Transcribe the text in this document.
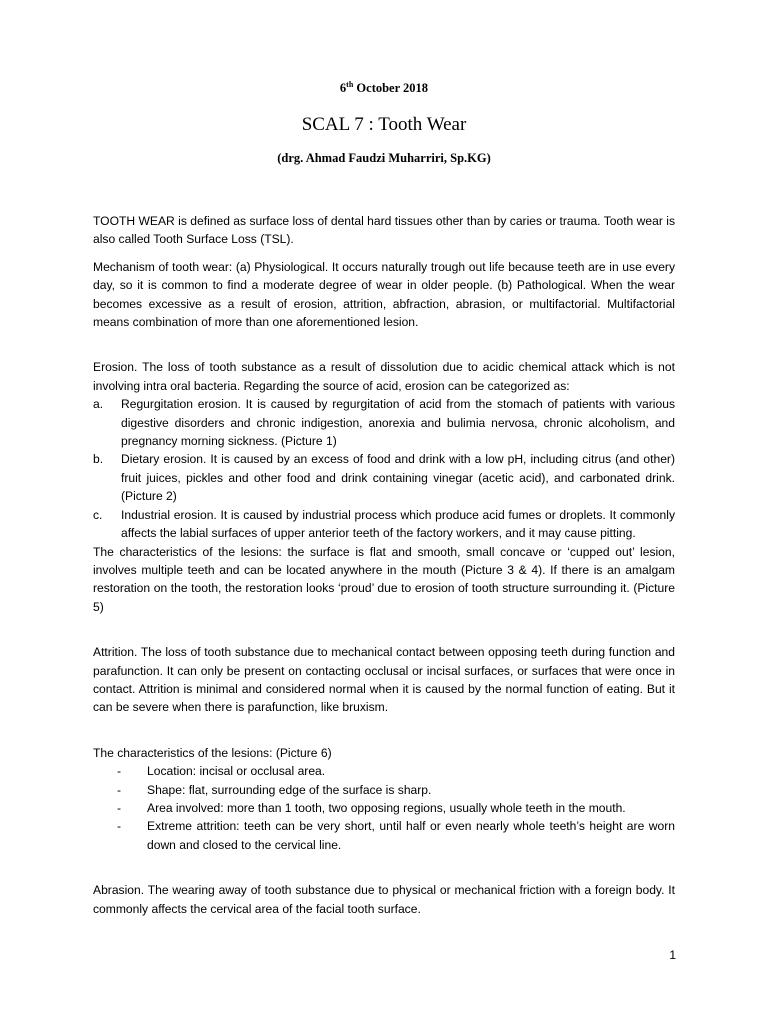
6th October 2018
SCAL 7 : Tooth Wear
(drg. Ahmad Faudzi Muharriri, Sp.KG)

TOOTH WEAR is defined as surface loss of dental hard tissues other than by caries or trauma. Tooth wear is also called Tooth Surface Loss (TSL).

Mechanism of tooth wear: (a) Physiological. It occurs naturally trough out life because teeth are in use every day, so it is common to find a moderate degree of wear in older people. (b) Pathological. When the wear becomes excessive as a result of erosion, attrition, abfraction, abrasion, or multifactorial. Multifactorial means combination of more than one aforementioned lesion.

Erosion. The loss of tooth substance as a result of dissolution due to acidic chemical attack which is not involving intra oral bacteria. Regarding the source of acid, erosion can be categorized as:

a. Regurgitation erosion. It is caused by regurgitation of acid from the stomach of patients with various digestive disorders and chronic indigestion, anorexia and bulimia nervosa, chronic alcoholism, and pregnancy morning sickness. (Picture 1)
b. Dietary erosion. It is caused by an excess of food and drink with a low pH, including citrus (and other) fruit juices, pickles and other food and drink containing vinegar (acetic acid), and carbonated drink. (Picture 2)
c. Industrial erosion. It is caused by industrial process which produce acid fumes or droplets. It commonly affects the labial surfaces of upper anterior teeth of the factory workers, and it may cause pitting.

The characteristics of the lesions: the surface is flat and smooth, small concave or ‘cupped out’ lesion, involves multiple teeth and can be located anywhere in the mouth (Picture 3 & 4). If there is an amalgam restoration on the tooth, the restoration looks ‘proud’ due to erosion of tooth structure surrounding it. (Picture 5)

Attrition. The loss of tooth substance due to mechanical contact between opposing teeth during function and parafunction. It can only be present on contacting occlusal or incisal surfaces, or surfaces that were once in contact. Attrition is minimal and considered normal when it is caused by the normal function of eating. But it can be severe when there is parafunction, like bruxism.

The characteristics of the lesions: (Picture 6)

- Location: incisal or occlusal area.
- Shape: flat, surrounding edge of the surface is sharp.
- Area involved: more than 1 tooth, two opposing regions, usually whole teeth in the mouth.
- Extreme attrition: teeth can be very short, until half or even nearly whole teeth’s height are worn down and closed to the cervical line.

Abrasion. The wearing away of tooth substance due to physical or mechanical friction with a foreign body. It commonly affects the cervical area of the facial tooth surface.

1
